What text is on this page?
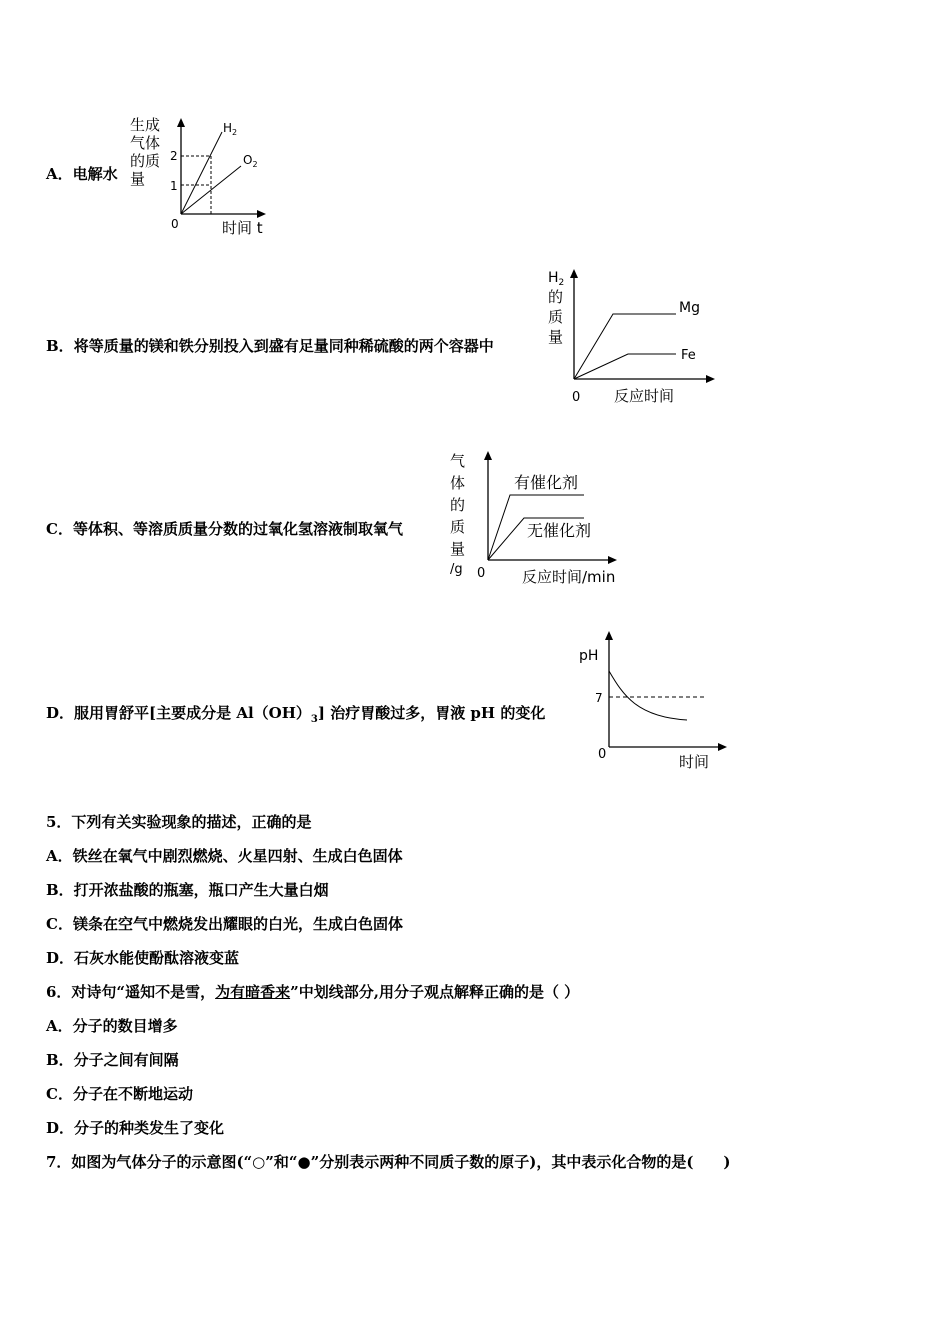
A．电解水
生成
气体
的质
量
2
1
0	时间 t
$H_2$
$O_2$
B．将等质量的镁和铁分别投入到盛有足量同种稀硫酸的两个容器中
$H_2$
的
质
量
Mg
Fe
0 反应时间
C．等体积、等溶质质量分数的过氧化氢溶液制取氧气
气
体
的
质
量
/g
有催化剂
无催化剂
0 反应时间/min
D．服用胃舒平[主要成分是 $Al(OH)_3$] 治疗胃酸过多，胃液 pH 的变化
pH
7
0	时间
5．下列有关实验现象的描述，正确的是
A．铁丝在氧气中剧烈燃烧、火星四射、生成白色固体
B．打开浓盐酸的瓶塞，瓶口产生大量白烟
C．镁条在空气中燃烧发出耀眼的白光，生成白色固体
D．石灰水能使酚酞溶液变蓝
6．对诗句“遥知不是雪，为有暗香来”中划线部分,用分子观点解释正确的是（ ）
A．分子的数目增多
B．分子之间有间隔
C．分子在不断地运动
D．分子的种类发生了变化
7．如图为气体分子的示意图(“○”和“●”分别表示两种不同质子数的原子)，其中表示化合物的是(　　)
